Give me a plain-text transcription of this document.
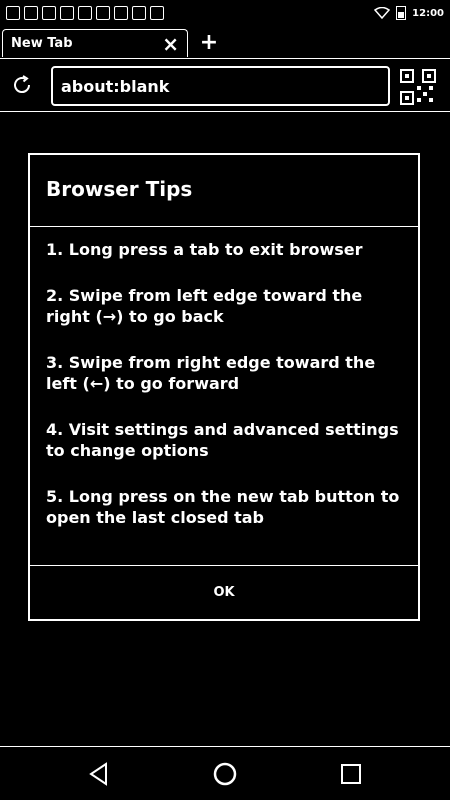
12:00
New Tab	× +
about:blank
Browser Tips

1. Long press a tab to exit browser

2. Swipe from left edge toward the right (→) to go back

3. Swipe from right edge toward the left (←) to go forward

4. Visit settings and advanced settings to change options

5. Long press on the new tab button to open the last closed tab

OK
